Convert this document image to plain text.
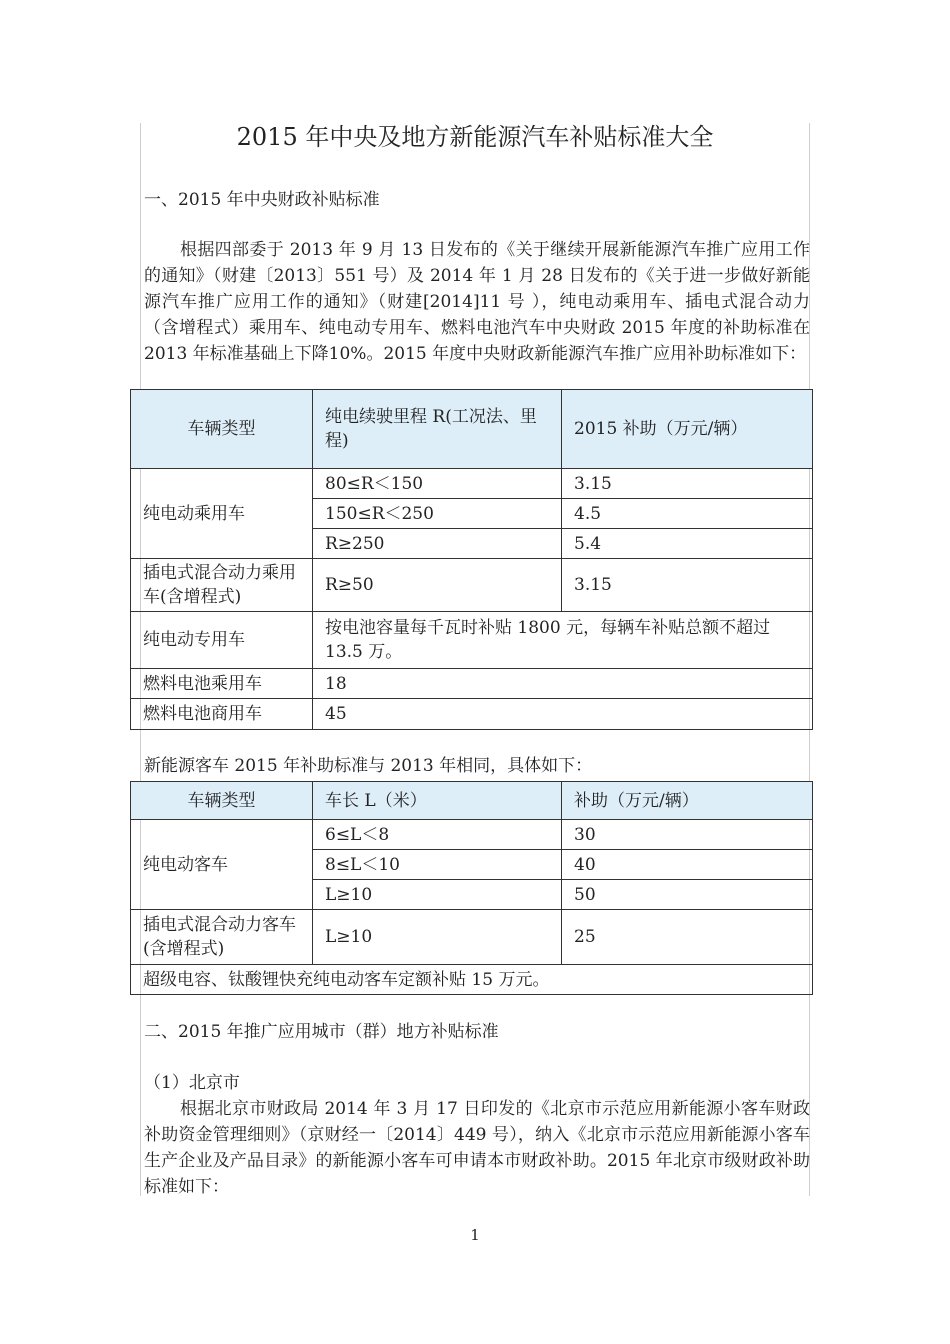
2015 年中央及地方新能源汽车补贴标准大全

一、2015 年中央财政补贴标准

根据四部委于 2013 年 9 月 13 日发布的《关于继续开展新能源汽车推广应用工作的通知》（财建〔2013〕551 号）及 2014 年 1 月 28 日发布的《关于进一步做好新能源汽车推广应用工作的通知》（财建[2014]11 号 ），纯电动乘用车、插电式混合动力（含增程式）乘用车、纯电动专用车、燃料电池汽车中央财政 2015 年度的补助标准在2013 年标准基础上下降10%。2015 年度中央财政新能源汽车推广应用补助标准如下：

车辆类型	纯电续驶里程 R(工况法、里程)	2015 补助（万元/辆）
纯电动乘用车	80≤R＜150	3.15
	150≤R＜250	4.5
	R≥250	5.4
插电式混合动力乘用车(含增程式)	R≥50	3.15
纯电动专用车	按电池容量每千瓦时补贴 1800 元，每辆车补贴总额不超过 13.5 万。	
燃料电池乘用车	18	
燃料电池商用车	45	

新能源客车 2015 年补助标准与 2013 年相同，具体如下：

车辆类型	车长 L（米）	补助（万元/辆）
纯电动客车	6≤L＜8	30
	8≤L＜10	40
	L≥10	50
插电式混合动力客车(含增程式)	L≥10	25
超级电容、钛酸锂快充纯电动客车定额补贴 15 万元。		

二、2015 年推广应用城市（群）地方补贴标准

（1）北京市

根据北京市财政局 2014 年 3 月 17 日印发的《北京市示范应用新能源小客车财政补助资金管理细则》（京财经一〔2014〕449 号），纳入《北京市示范应用新能源小客车生产企业及产品目录》的新能源小客车可申请本市财政补助。2015 年北京市级财政补助标准如下：

1
